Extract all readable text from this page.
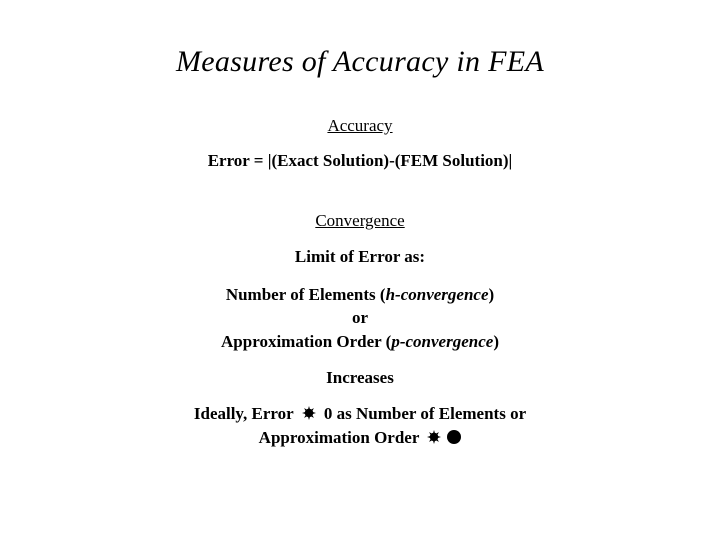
Measures of Accuracy in FEA
Accuracy
Error = |(Exact Solution)-(FEM Solution)|
Convergence
Limit of Error as:
Number of Elements (h-convergence)
or
Approximation Order (p-convergence)
Increases
Ideally, Error 0 as Number of Elements or
Approximation Order
